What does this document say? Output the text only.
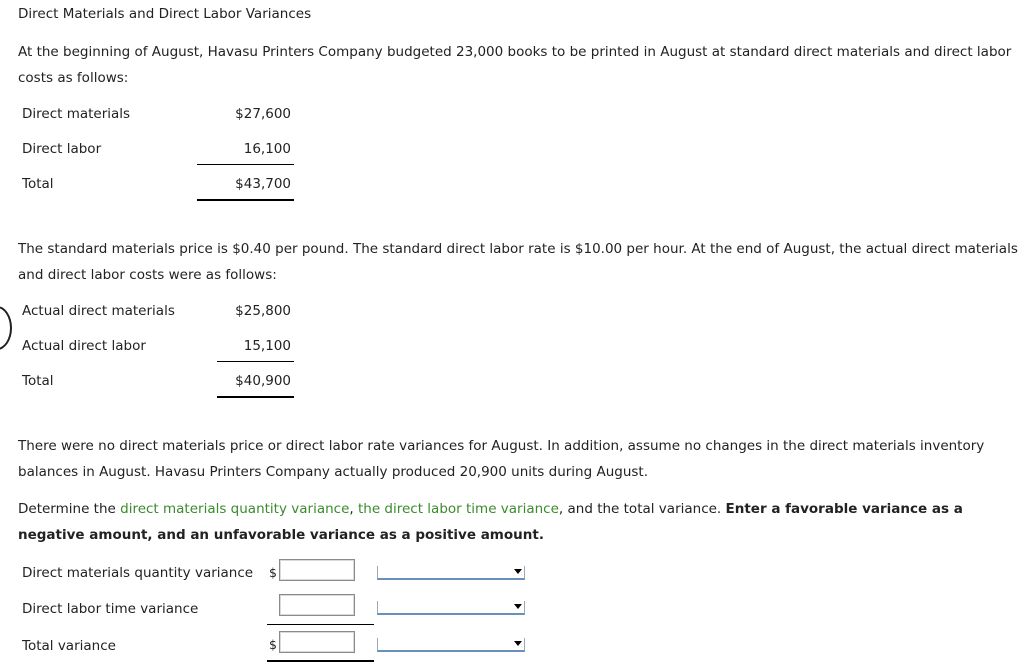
Direct Materials and Direct Labor Variances
At the beginning of August, Havasu Printers Company budgeted 23,000 books to be printed in August at standard direct materials and direct labor costs as follows:
Direct materials	$27,600
Direct labor	16,100
Total	$43,700
The standard materials price is $0.40 per pound. The standard direct labor rate is $10.00 per hour. At the end of August, the actual direct materials and direct labor costs were as follows:
Actual direct materials	$25,800
Actual direct labor	15,100
Total	$40,900
There were no direct materials price or direct labor rate variances for August. In addition, assume no changes in the direct materials inventory balances in August. Havasu Printers Company actually produced 20,900 units during August.
Determine the direct materials quantity variance, the direct labor time variance, and the total variance. Enter a favorable variance as a negative amount, and an unfavorable variance as a positive amount.
Direct materials quantity variance $
Direct labor time variance
Total variance	$
